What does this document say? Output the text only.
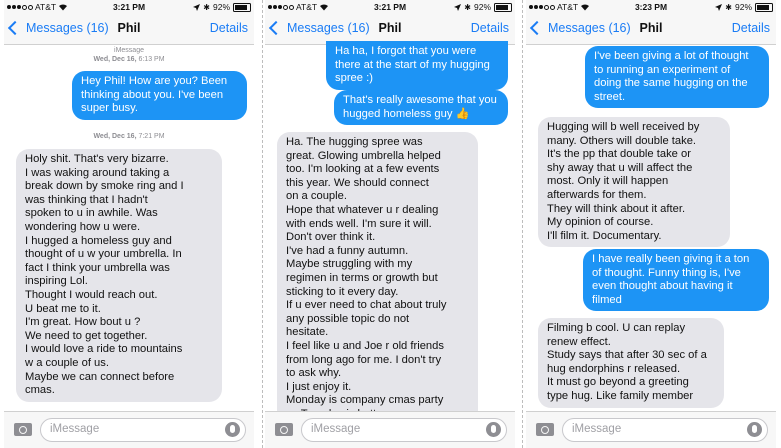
AT&T	3:21 PM	✱ 92%
Messages (16) Phil	Details
iMessage
Wed, Dec 16, 6:13 PM
Hey Phil! How are you? Been
thinking about you. I've been
super busy.
Wed, Dec 16, 7:21 PM
Holy shit. That's very bizarre.
I was waking around taking a
break down by smoke ring and I
was thinking that I hadn't
spoken to u in awhile. Was
wondering how u were.
I hugged a homeless guy and
thought of u w your umbrella. In
fact I think your umbrella was
inspiring Lol.
Thought I would reach out.
U beat me to it.
I'm great. How bout u ?
We need to get together.
I would love a ride to mountains
w a couple of us.
Maybe we can connect before
cmas.
iMessage
AT&T	3:21 PM	✱ 92%
Messages (16) Phil	Details
Ha ha, I forgot that you were
there at the start of my hugging
spree :)
That's really awesome that you
hugged homeless guy 👍
Ha. The hugging spree was
great. Glowing umbrella helped
too. I'm looking at a few events
this year. We should connect
on a couple.
Hope that whatever u r dealing
with ends well. I'm sure it will.
Don't over think it.
I've had a funny autumn.
Maybe struggling with my
regimen in terms or growth but
sticking to it every day.
If u ever need to chat about truly
any possible topic do not
hesitate.
I feel like u and Joe r old friends
from long ago for me. I don't try
to ask why.
I just enjoy it.
Monday is company cmas party

iMessage
AT&T	3:23 PM	✱ 92%
Messages (16) Phil	Details
I've been giving a lot of thought
to running an experiment of
doing the same hugging on the
street.
Hugging will b well received by
many. Others will double take.
It's the pp that double take or
shy away that u will affect the
most. Only it will happen
afterwards for them.
They will think about it after.
My opinion of course.
I'll film it. Documentary.
I have really been giving it a ton
of thought. Funny thing is, I've
even thought about having it
filmed
Filming b cool. U can replay
renew effect.
Study says that after 30 sec of a
hug endorphins r released.
It must go beyond a greeting
type hug. Like family member
iMessage
